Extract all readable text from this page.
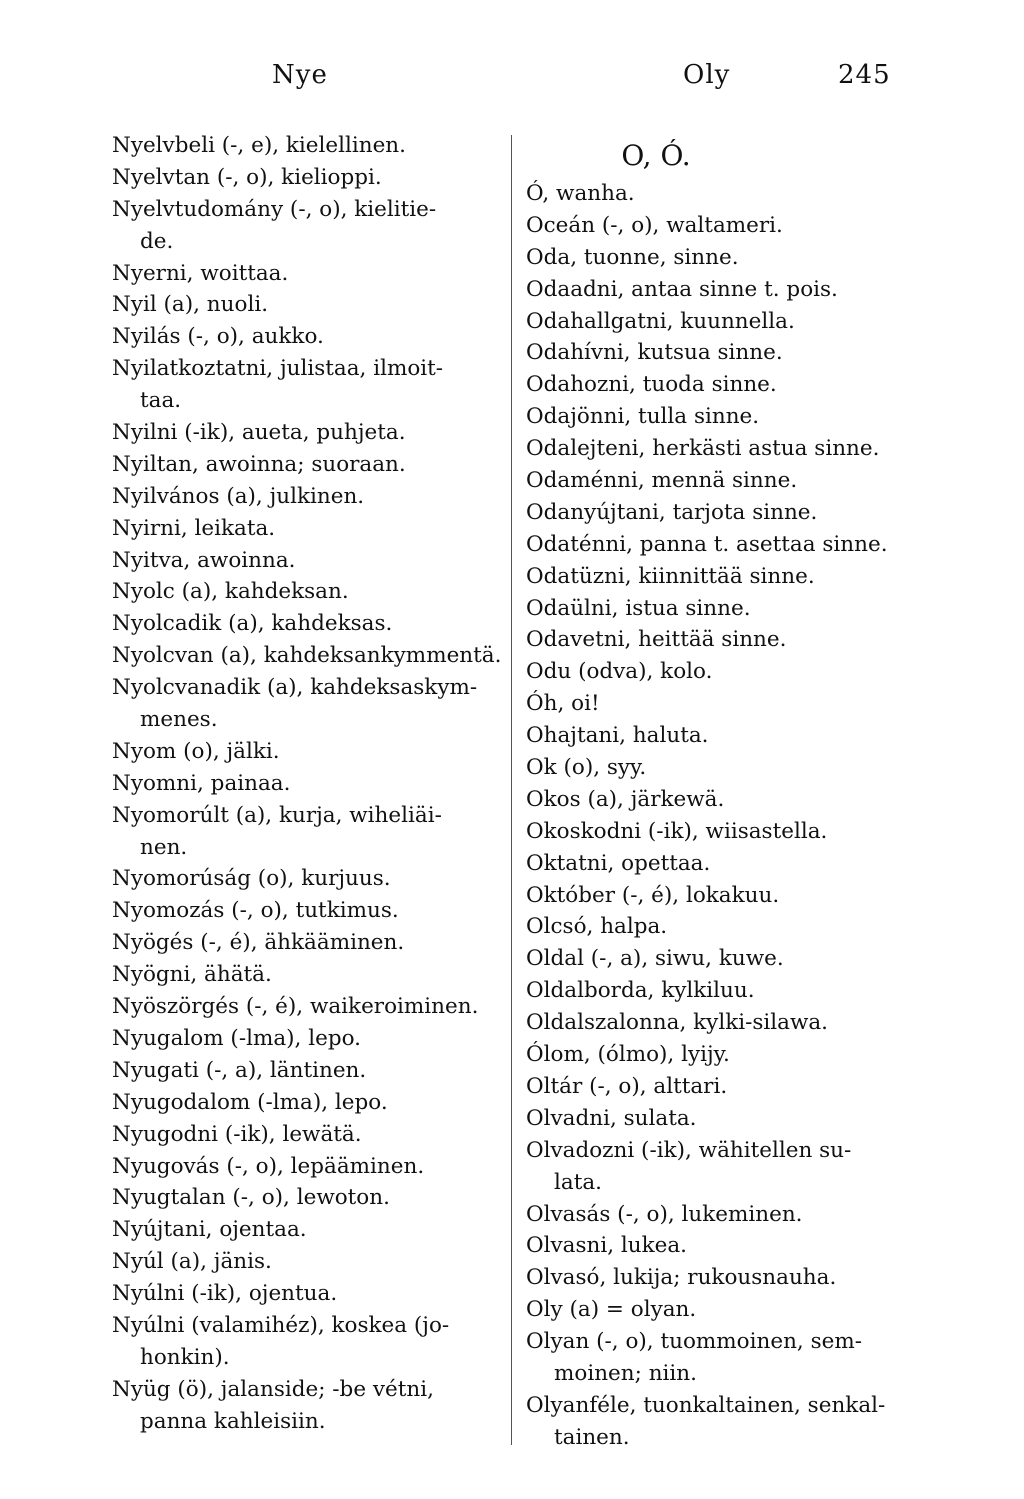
Nye	Oly	245
Nyelvbeli (-, e), kielellinen.
Nyelvtan (-, o), kielioppi.
Nyelvtudomány (-, o), kielitie-
de.
Nyerni, woittaa.
Nyil (a), nuoli.
Nyilás (-, o), aukko.
Nyilatkoztatni, julistaa, ilmoit-
taa.
Nyilni (-ik), aueta, puhjeta.
Nyiltan, awoinna; suoraan.
Nyilvános (a), julkinen.
Nyirni, leikata.
Nyitva, awoinna.
Nyolc (a), kahdeksan.
Nyolcadik (a), kahdeksas.
Nyolcvan (a), kahdeksankymmentä.
Nyolcvanadik (a), kahdeksaskym-
menes.
Nyom (o), jälki.
Nyomni, painaa.
Nyomorúlt (a), kurja, wiheliäi-
nen.
Nyomorúság (o), kurjuus.
Nyomozás (-, o), tutkimus.
Nyögés (-, é), ähkääminen.
Nyögni, ähätä.
Nyöszörgés (-, é), waikeroiminen.
Nyugalom (-lma), lepo.
Nyugati (-, a), läntinen.
Nyugodalom (-lma), lepo.
Nyugodni (-ik), lewätä.
Nyugovás (-, o), lepääminen.
Nyugtalan (-, o), lewoton.
Nyújtani, ojentaa.
Nyúl (a), jänis.
Nyúlni (-ik), ojentua.
Nyúlni (valamihéz), koskea (jo-
honkin).
Nyüg (ö), jalanside; -be vétni,
panna kahleisiin.
O, Ó.
Ó, wanha.
Oceán (-, o), waltameri.
Oda, tuonne, sinne.
Odaadni, antaa sinne t. pois.
Odahallgatni, kuunnella.
Odahívni, kutsua sinne.
Odahozni, tuoda sinne.
Odajönni, tulla sinne.
Odalejteni, herkästi astua sinne.
Odaménni, mennä sinne.
Odanyújtani, tarjota sinne.
Odaténni, panna t. asettaa sinne.
Odatüzni, kiinnittää sinne.
Odaülni, istua sinne.
Odavetni, heittää sinne.
Odu (odva), kolo.
Óh, oi!
Ohajtani, haluta.
Ok (o), syy.
Okos (a), järkewä.
Okoskodni (-ik), wiisastella.
Oktatni, opettaa.
Október (-, é), lokakuu.
Olcsó, halpa.
Oldal (-, a), siwu, kuwe.
Oldalborda, kylkiluu.
Oldalszalonna, kylki-silawa.
Ólom, (ólmo), lyijy.
Oltár (-, o), alttari.
Olvadni, sulata.
Olvadozni (-ik), wähitellen su-
lata.
Olvasás (-, o), lukeminen.
Olvasni, lukea.
Olvasó, lukija; rukousnauha.
Oly (a) = olyan.
Olyan (-, o), tuommoinen, sem-
moinen; niin.
Olyanféle, tuonkaltainen, senkal-
tainen.
